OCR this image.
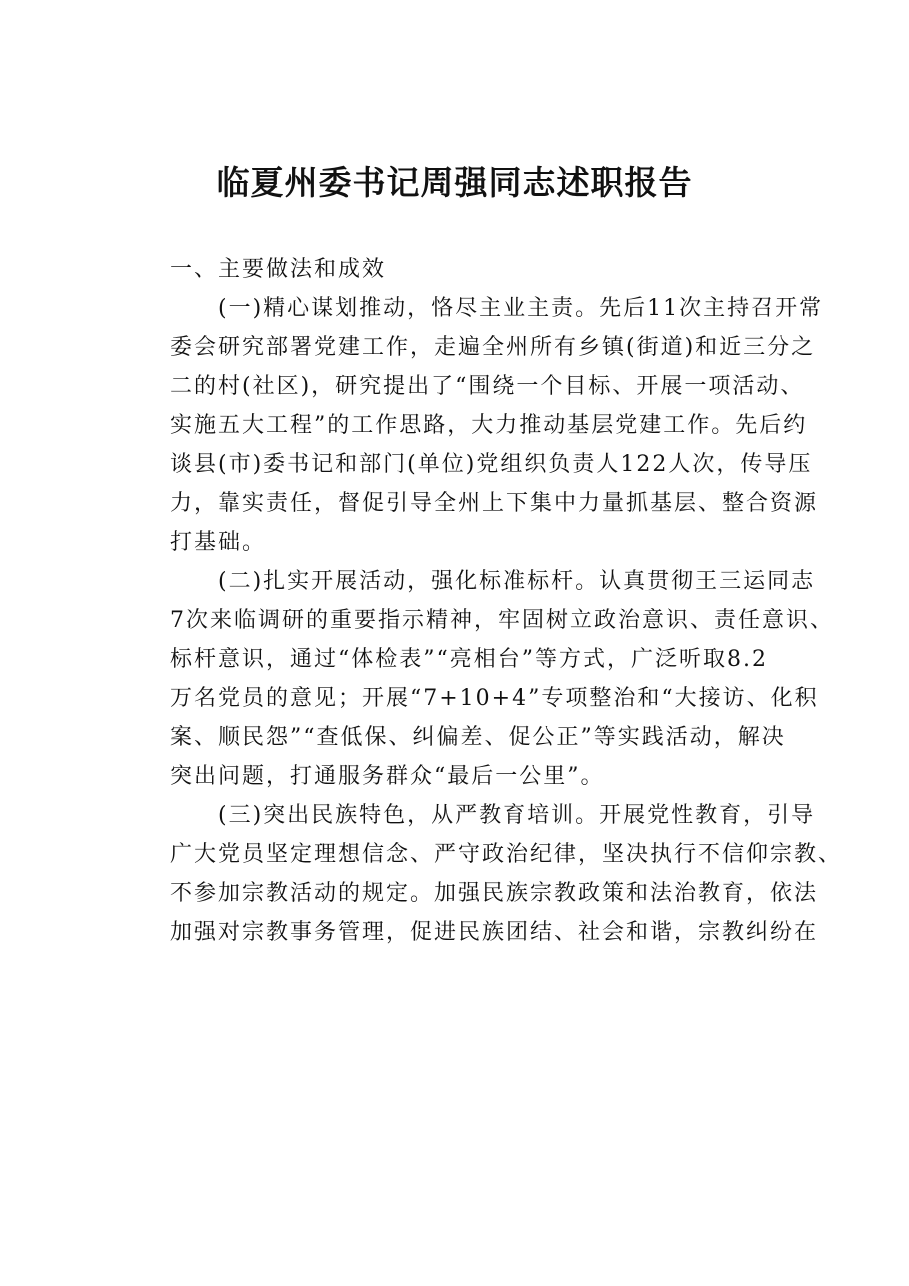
临夏州委书记周强同志述职报告

一、主要做法和成效

(一)精心谋划推动，恪尽主业主责。先后11次主持召开常
委会研究部署党建工作，走遍全州所有乡镇(街道)和近三分之
二的村(社区)，研究提出了“围绕一个目标、开展一项活动、
实施五大工程”的工作思路，大力推动基层党建工作。先后约
谈县(市)委书记和部门(单位)党组织负责人122人次，传导压
力，靠实责任，督促引导全州上下集中力量抓基层、整合资源
打基础。
(二)扎实开展活动，强化标准标杆。认真贯彻王三运同志
7次来临调研的重要指示精神，牢固树立政治意识、责任意识、
标杆意识，通过“体检表”“亮相台”等方式，广泛听取8.2
万名党员的意见；开展“7+10+4”专项整治和“大接访、化积
案、顺民怨”“查低保、纠偏差、促公正”等实践活动，解决
突出问题，打通服务群众“最后一公里”。
(三)突出民族特色，从严教育培训。开展党性教育，引导
广大党员坚定理想信念、严守政治纪律，坚决执行不信仰宗教、
不参加宗教活动的规定。加强民族宗教政策和法治教育，依法
加强对宗教事务管理，促进民族团结、社会和谐，宗教纠纷在
